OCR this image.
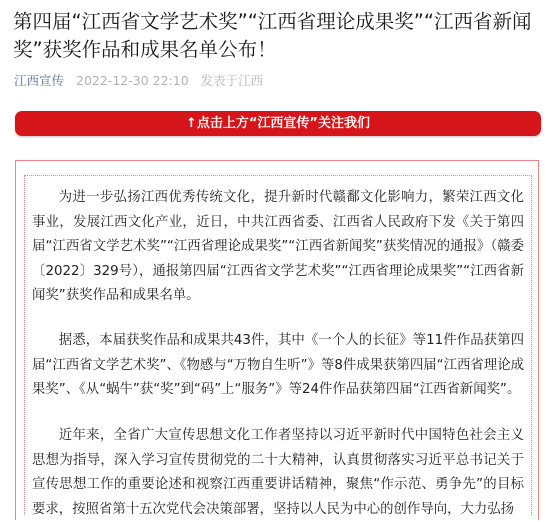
第四届“江西省文学艺术奖”“江西省理论成果奖”“江西省新闻奖”获奖作品和成果名单公布！
江西宣传 2022-12-30 22:10 发表于江西
↑点击上方“江西宣传”关注我们

为进一步弘扬江西优秀传统文化，提升新时代赣鄱文化影响力，繁荣江西文化事业，发展江西文化产业，近日，中共江西省委、江西省人民政府下发《关于第四届“江西省文学艺术奖”“江西省理论成果奖”“江西省新闻奖”获奖情况的通报》（赣委〔2022〕329号），通报第四届“江西省文学艺术奖”“江西省理论成果奖”“江西省新闻奖”获奖作品和成果名单。

据悉，本届获奖作品和成果共43件，其中《一个人的长征》等11件作品获第四届“江西省文学艺术奖”、《物感与“万物自生听”》等8件成果获第四届“江西省理论成果奖”、《从“蜗牛”获“奖”到“码”上“服务”》等24件作品获第四届“江西省新闻奖”。

近年来，全省广大宣传思想文化工作者坚持以习近平新时代中国特色社会主义思想为指导，深入学习宣传贯彻党的二十大精神，认真贯彻落实习近平总书记关于宣传思想工作的重要论述和视察江西重要讲话精神，聚焦“作示范、勇争先”的目标要求，按照省第十五次党代会决策部署，坚持以人民为中心的创作导向，大力弘扬
